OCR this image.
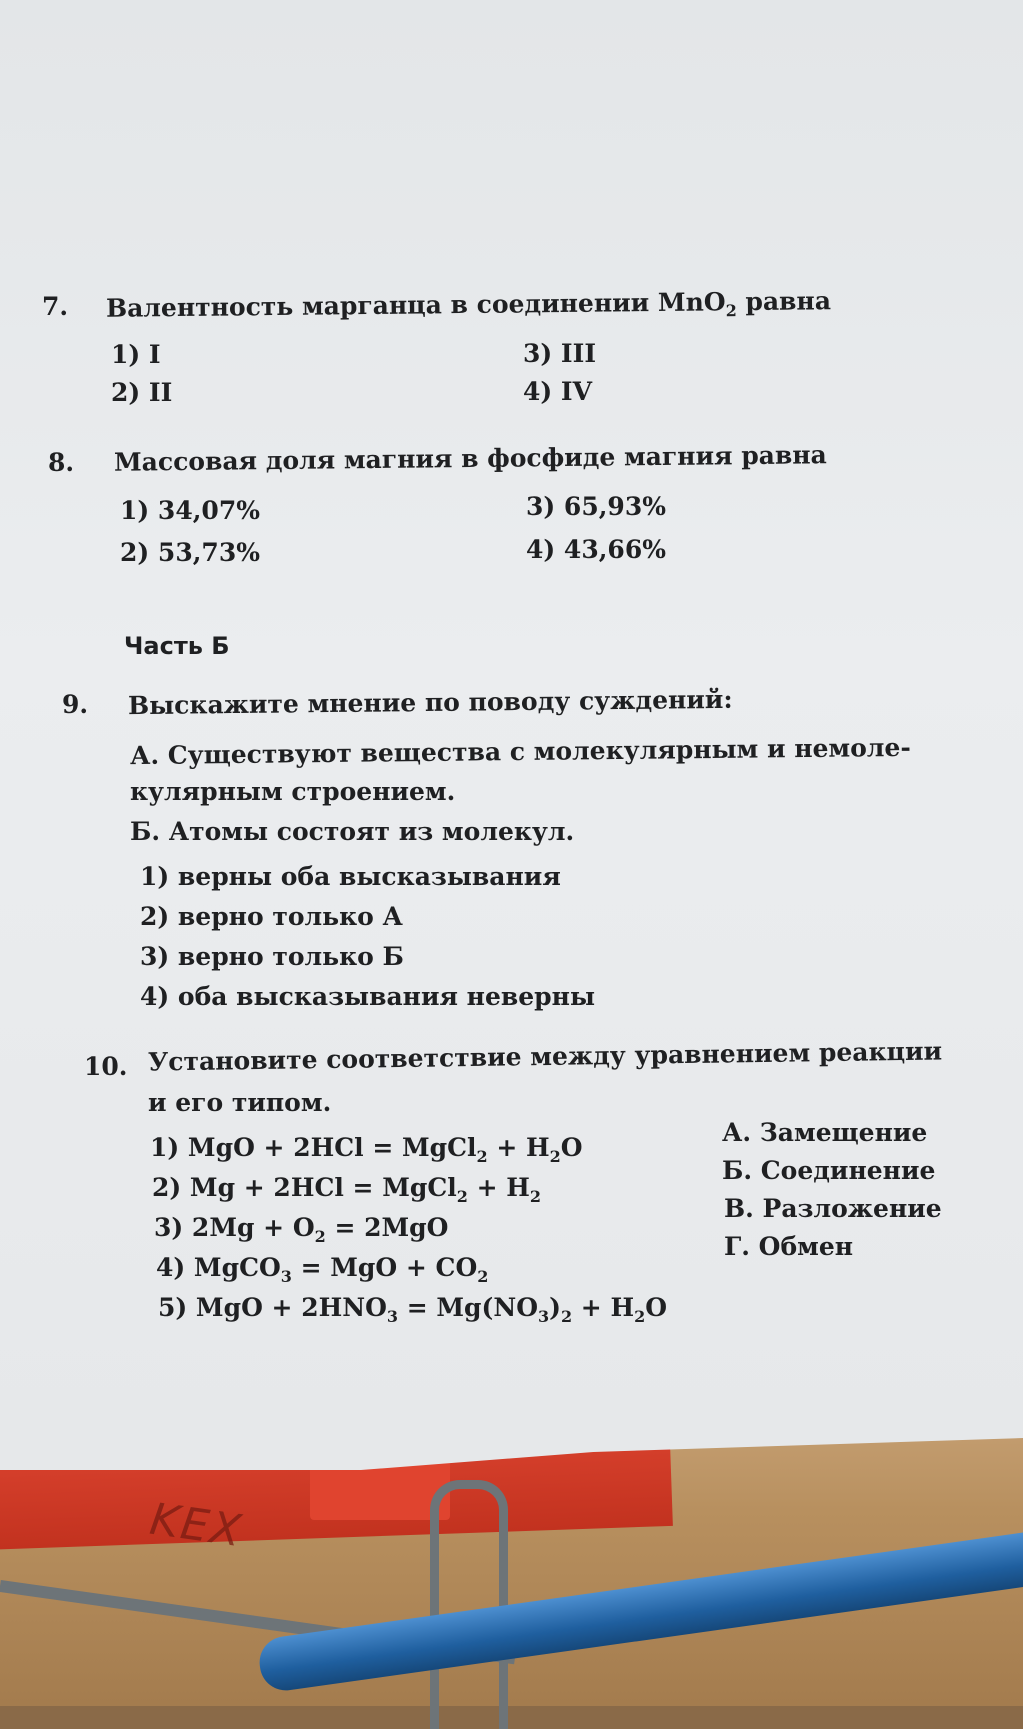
KEX
7. Валентность марганца в соединении MnO$_2$ равна
1) I	3) III
2) II	4) IV
8. Массовая доля магния в фосфиде магния равна
1) 34,07%	3) 65,93%
2) 53,73%	4) 43,66%
Часть Б
9. Выскажите мнение по поводу суждений:
А. Существуют вещества с молекулярным и немоле-
кулярным строением.
Б. Атомы состоят из молекул.
1) верны оба высказывания
2) верно только А
3) верно только Б
4) оба высказывания неверны
10. Установите соответствие между уравнением реакции
и его типом.
1) MgO + 2HCl = MgCl$_2$ + $H_2O$
2) Mg + 2HCl = MgCl$_2$ + $H_2$
3) $2Mg + O_2 = 2MgO$
4) MgCO$_3$ = MgO + $CO_2$
5) MgO + $2HNO_3 = Mg(NO_3)_2 + H_2O$
А. Замещение
Б. Соединение
В. Разложение
Г. Обмен
